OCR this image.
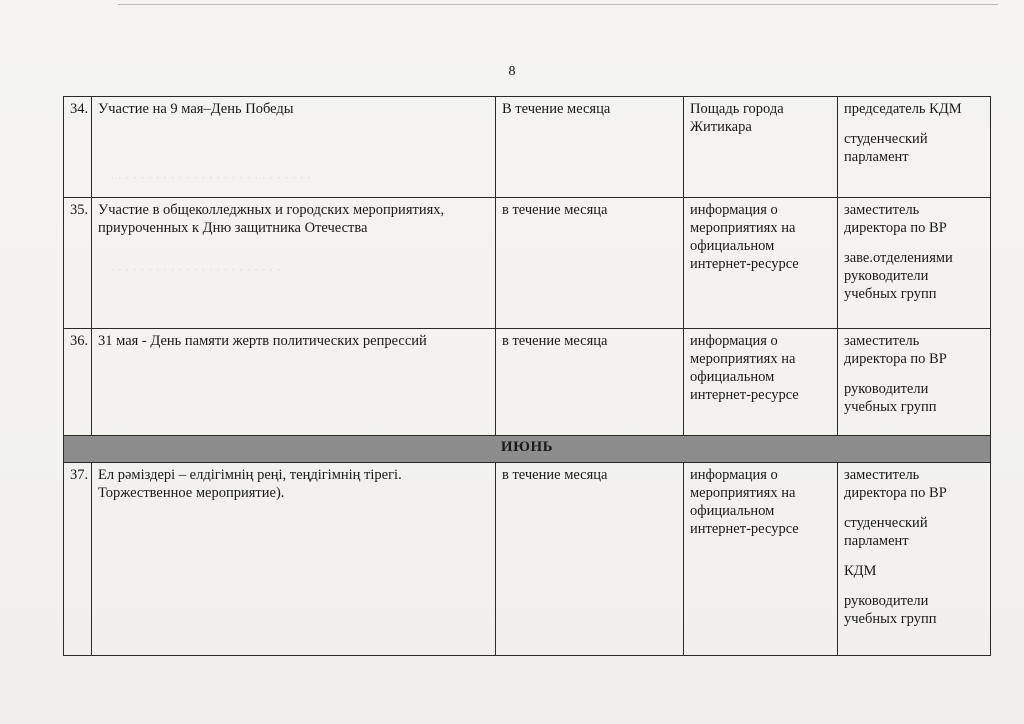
· · · · · · · · · · · · · · · · · · · · · · · · · · ·
· · · · · · · · · · · · · · · · · · · · · · ·
8
34.	Участие на 9 мая–День Победы	В течение месяца	Пощадь города Житикара	председатель КДМ

студенческий парламент

35.	Участие в общеколледжных и городских мероприятиях, приуроченных к Дню защитника Отечества	в течение месяца	информация о мероприятиях на официальном интернет-ресурсе	заместитель директора по ВР

заве.отделениями руководители учебных групп

36.	31 мая - День памяти жертв политических репрессий	в течение месяца	информация о мероприятиях на официальном интернет-ресурсе	заместитель директора по ВР

руководители учебных групп

ИЮНЬ				
37.	Ел рәміздері – елдігімнің реңі, теңдігімнің тірегі. Торжественное мероприятие).	в течение месяца	информация о мероприятиях на официальном интернет-ресурсе	заместитель директора по ВР

студенческий парламент

КДМ

руководители учебных групп
